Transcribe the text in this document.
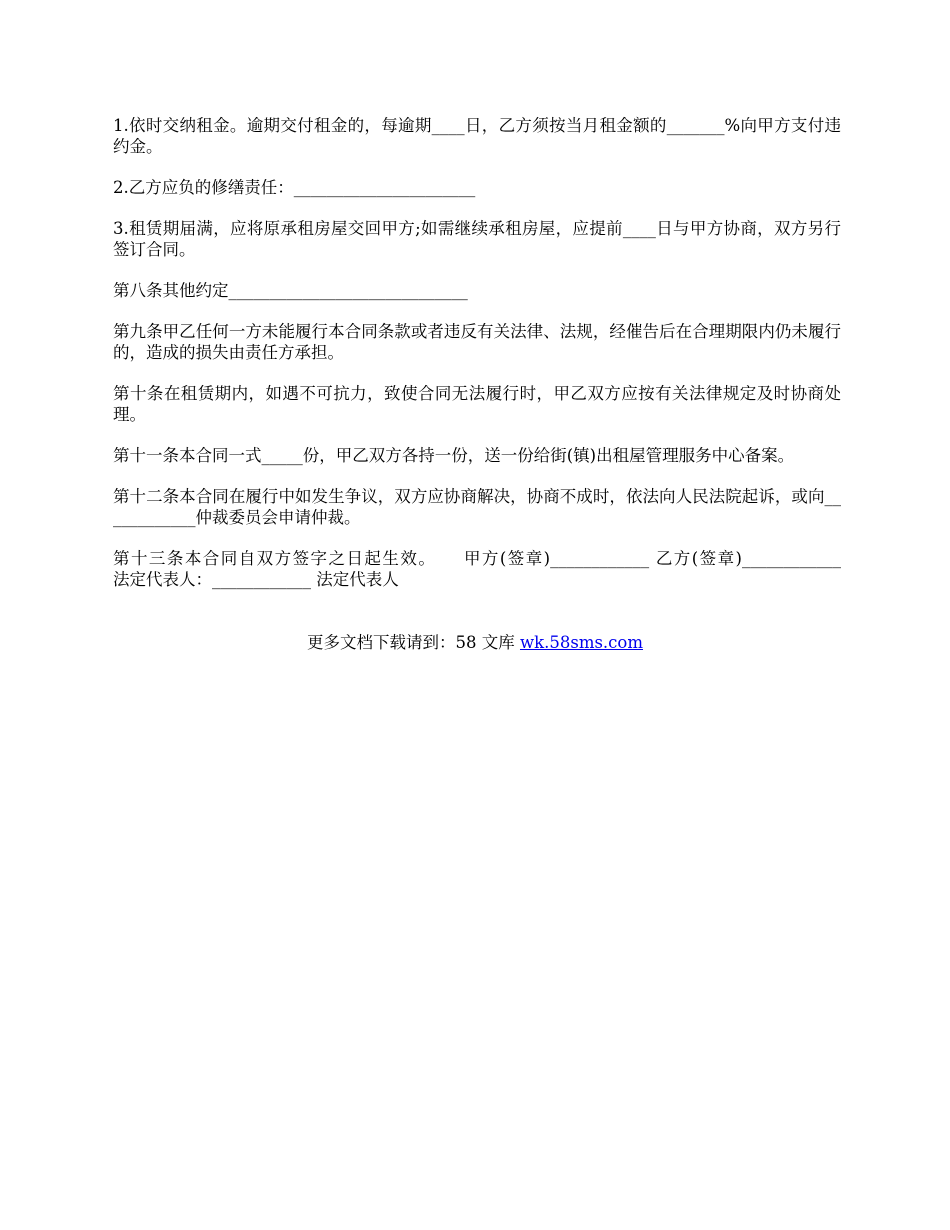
1.依时交纳租金。逾期交付租金的，每逾期____日，乙方须按当月租金额的_______%向甲方支付违约金。

2.乙方应负的修缮责任：______________________

3.租赁期届满，应将原承租房屋交回甲方;如需继续承租房屋，应提前____日与甲方协商，双方另行签订合同。

第八条其他约定_____________________________

第九条甲乙任何一方未能履行本合同条款或者违反有关法律、法规，经催告后在合理期限内仍未履行的，造成的损失由责任方承担。

第十条在租赁期内，如遇不可抗力，致使合同无法履行时，甲乙双方应按有关法律规定及时协商处理。

第十一条本合同一式_____份，甲乙双方各持一份，送一份给街(镇)出租屋管理服务中心备案。

第十二条本合同在履行中如发生争议，双方应协商解决，协商不成时，依法向人民法院起诉，或向____________仲裁委员会申请仲裁。

第十三条本合同自双方签字之日起生效。　　甲方(签章)____________ 乙方(签章)____________　　法定代表人：____________ 法定代表人

更多文档下载请到：58 文库 wk.58sms.com
